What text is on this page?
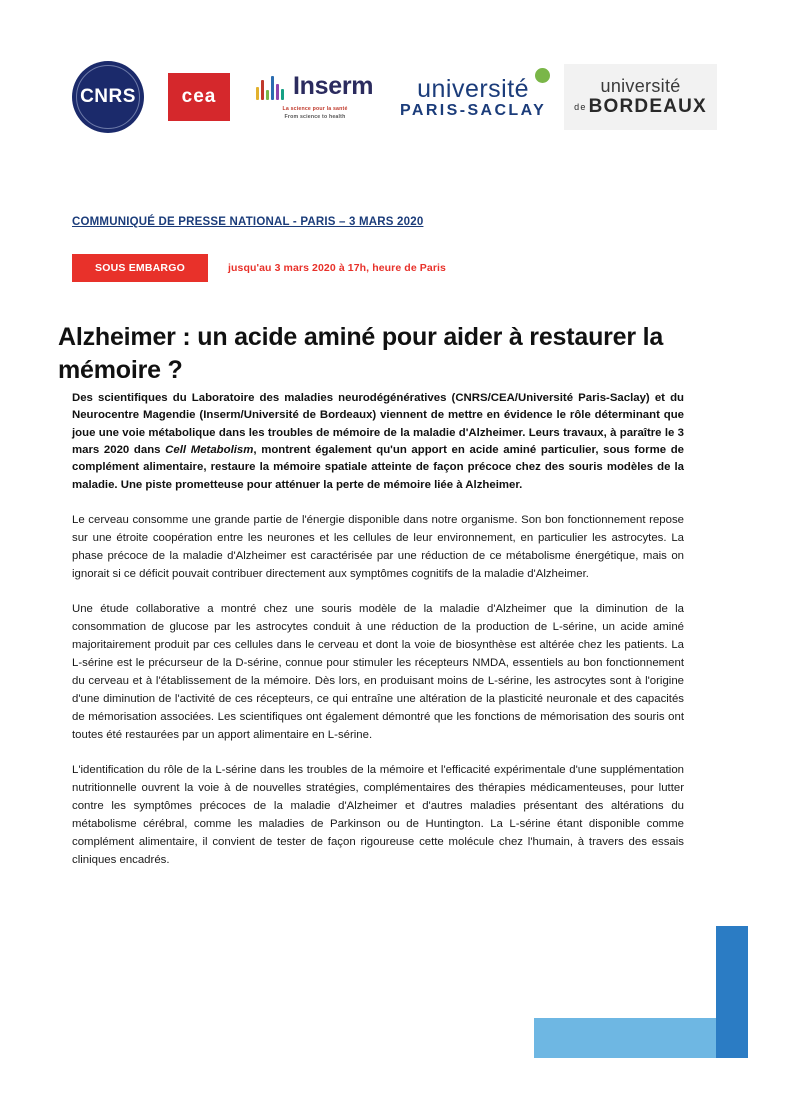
CNRS	cea	Inserm
La science pour la santé
From science to health
université
PARIS-SACLAY
université
de BORDEAUX
COMMUNIQUÉ DE PRESSE NATIONAL - PARIS – 3 MARS 2020
SOUS EMBARGO	jusqu'au 3 mars 2020 à 17h, heure de Paris
Alzheimer : un acide aminé pour aider à restaurer la mémoire ?
Des scientifiques du Laboratoire des maladies neurodégénératives (CNRS/CEA/Université Paris-Saclay) et du Neurocentre Magendie (Inserm/Université de Bordeaux) viennent de mettre en évidence le rôle déterminant que joue une voie métabolique dans les troubles de mémoire de la maladie d'Alzheimer. Leurs travaux, à paraître le 3 mars 2020 dans Cell Metabolism, montrent également qu'un apport en acide aminé particulier, sous forme de complément alimentaire, restaure la mémoire spatiale atteinte de façon précoce chez des souris modèles de la maladie. Une piste prometteuse pour atténuer la perte de mémoire liée à Alzheimer.

Le cerveau consomme une grande partie de l'énergie disponible dans notre organisme. Son bon fonctionnement repose sur une étroite coopération entre les neurones et les cellules de leur environnement, en particulier les astrocytes. La phase précoce de la maladie d'Alzheimer est caractérisée par une réduction de ce métabolisme énergétique, mais on ignorait si ce déficit pouvait contribuer directement aux symptômes cognitifs de la maladie d'Alzheimer.

Une étude collaborative a montré chez une souris modèle de la maladie d'Alzheimer que la diminution de la consommation de glucose par les astrocytes conduit à une réduction de la production de L-sérine, un acide aminé majoritairement produit par ces cellules dans le cerveau et dont la voie de biosynthèse est altérée chez les patients. La L-sérine est le précurseur de la D-sérine, connue pour stimuler les récepteurs NMDA, essentiels au bon fonctionnement du cerveau et à l'établissement de la mémoire. Dès lors, en produisant moins de L-sérine, les astrocytes sont à l'origine d'une diminution de l'activité de ces récepteurs, ce qui entraîne une altération de la plasticité neuronale et des capacités de mémorisation associées. Les scientifiques ont également démontré que les fonctions de mémorisation des souris ont toutes été restaurées par un apport alimentaire en L-sérine.

L'identification du rôle de la L-sérine dans les troubles de la mémoire et l'efficacité expérimentale d'une supplémentation nutritionnelle ouvrent la voie à de nouvelles stratégies, complémentaires des thérapies médicamenteuses, pour lutter contre les symptômes précoces de la maladie d'Alzheimer et d'autres maladies présentant des altérations du métabolisme cérébral, comme les maladies de Parkinson ou de Huntington. La L-sérine étant disponible comme complément alimentaire, il convient de tester de façon rigoureuse cette molécule chez l'humain, à travers des essais cliniques encadrés.
